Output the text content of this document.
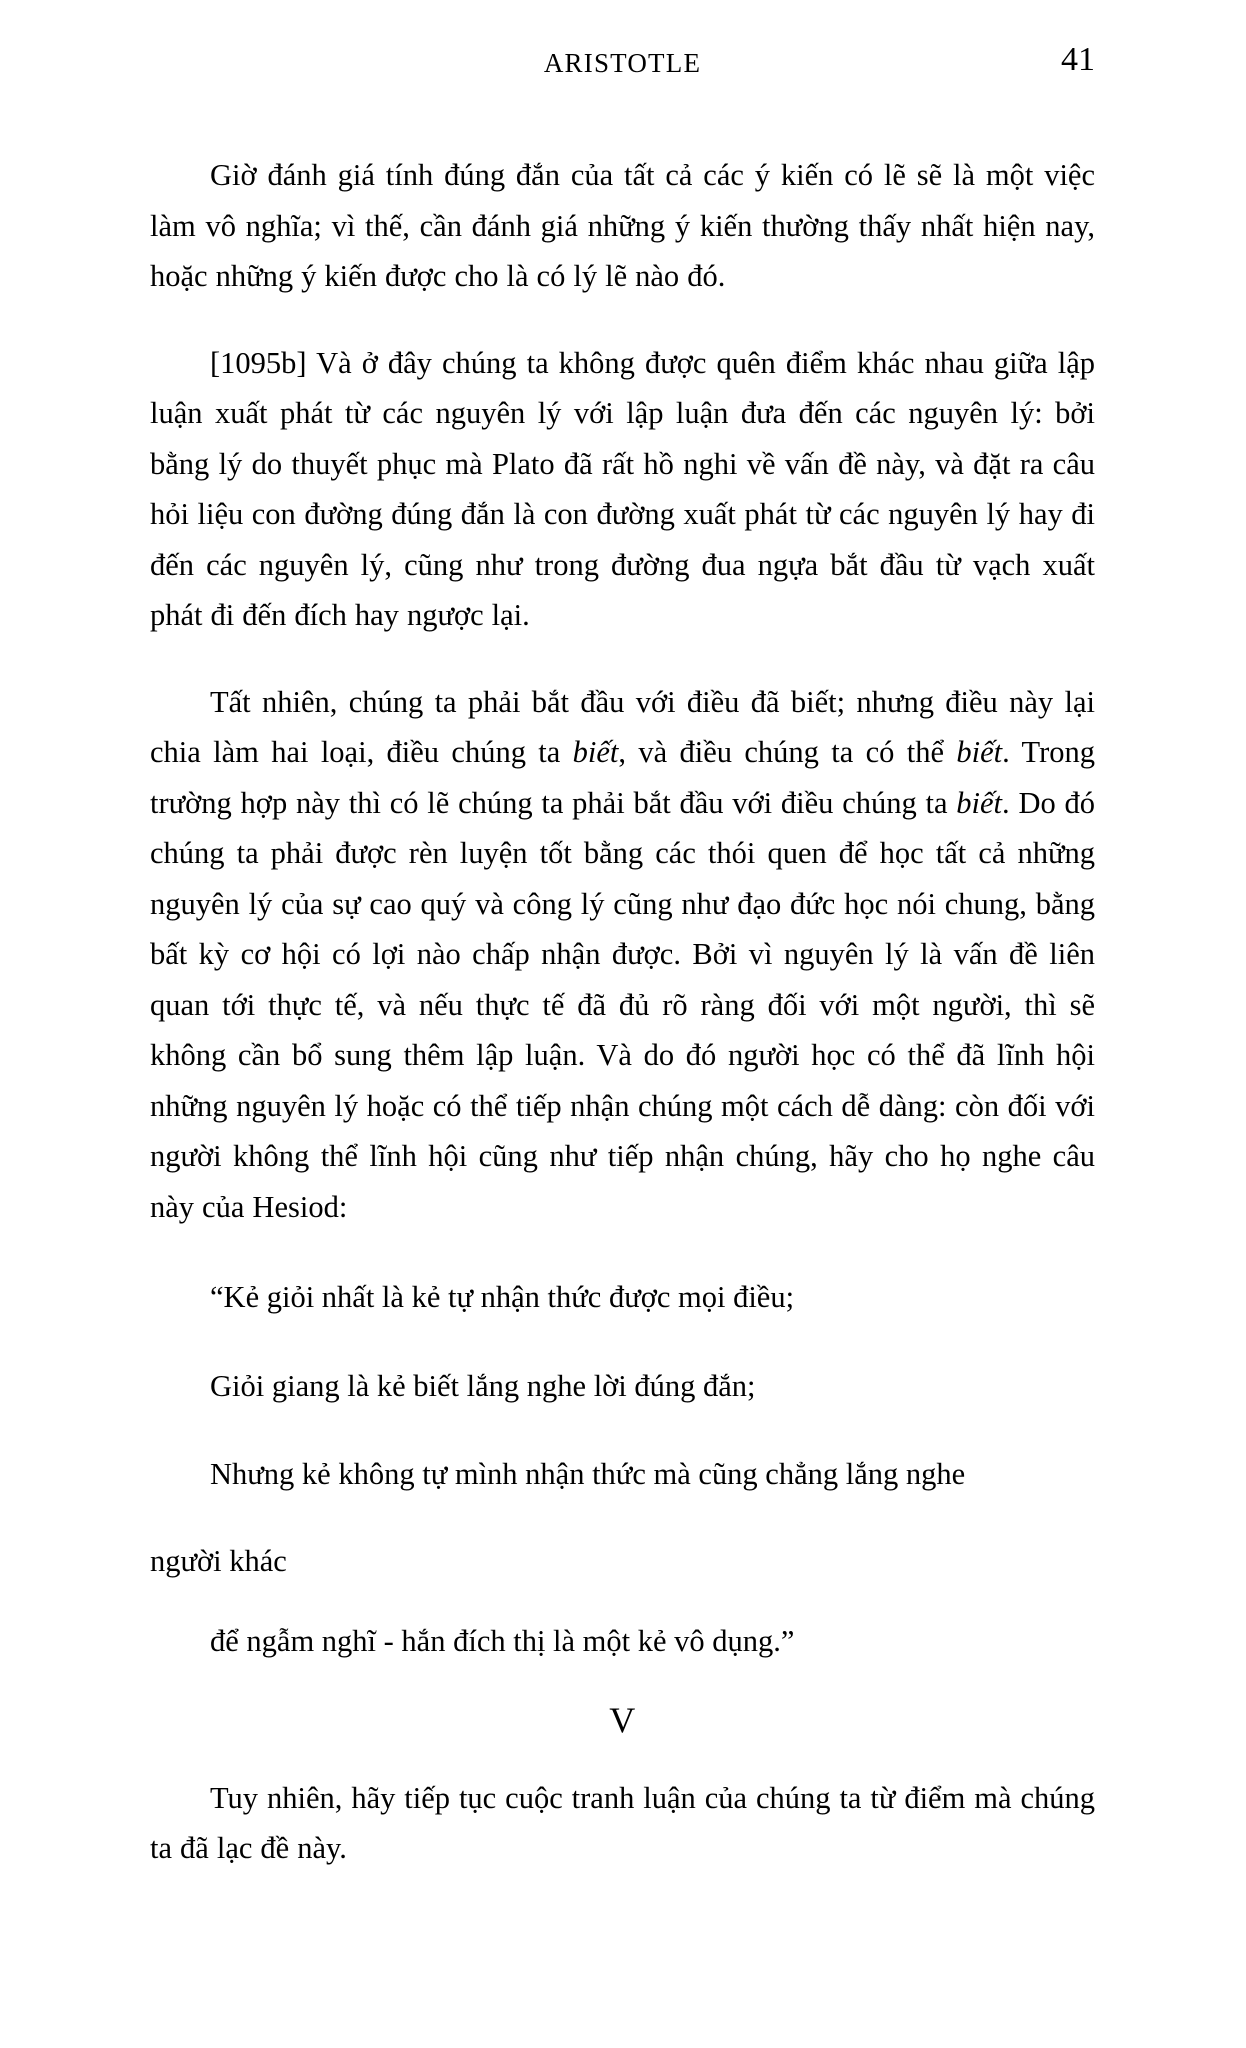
ARISTOTLE	41

Giờ đánh giá tính đúng đắn của tất cả các ý kiến có lẽ sẽ là một việc làm vô nghĩa; vì thế, cần đánh giá những ý kiến thường thấy nhất hiện nay, hoặc những ý kiến được cho là có lý lẽ nào đó.

[1095b] Và ở đây chúng ta không được quên điểm khác nhau giữa lập luận xuất phát từ các nguyên lý với lập luận đưa đến các nguyên lý: bởi bằng lý do thuyết phục mà Plato đã rất hồ nghi về vấn đề này, và đặt ra câu hỏi liệu con đường đúng đắn là con đường xuất phát từ các nguyên lý hay đi đến các nguyên lý, cũng như trong đường đua ngựa bắt đầu từ vạch xuất phát đi đến đích hay ngược lại.

Tất nhiên, chúng ta phải bắt đầu với điều đã biết; nhưng điều này lại chia làm hai loại, điều chúng ta biết, và điều chúng ta có thể biết. Trong trường hợp này thì có lẽ chúng ta phải bắt đầu với điều chúng ta biết. Do đó chúng ta phải được rèn luyện tốt bằng các thói quen để học tất cả những nguyên lý của sự cao quý và công lý cũng như đạo đức học nói chung, bằng bất kỳ cơ hội có lợi nào chấp nhận được. Bởi vì nguyên lý là vấn đề liên quan tới thực tế, và nếu thực tế đã đủ rõ ràng đối với một người, thì sẽ không cần bổ sung thêm lập luận. Và do đó người học có thể đã lĩnh hội những nguyên lý hoặc có thể tiếp nhận chúng một cách dễ dàng: còn đối với người không thể lĩnh hội cũng như tiếp nhận chúng, hãy cho họ nghe câu này của Hesiod:

“Kẻ giỏi nhất là kẻ tự nhận thức được mọi điều;
Giỏi giang là kẻ biết lắng nghe lời đúng đắn;
Nhưng kẻ không tự mình nhận thức mà cũng chẳng lắng nghe
người khác
để ngẫm nghĩ - hắn đích thị là một kẻ vô dụng.”
V

Tuy nhiên, hãy tiếp tục cuộc tranh luận của chúng ta từ điểm mà chúng ta đã lạc đề này.
